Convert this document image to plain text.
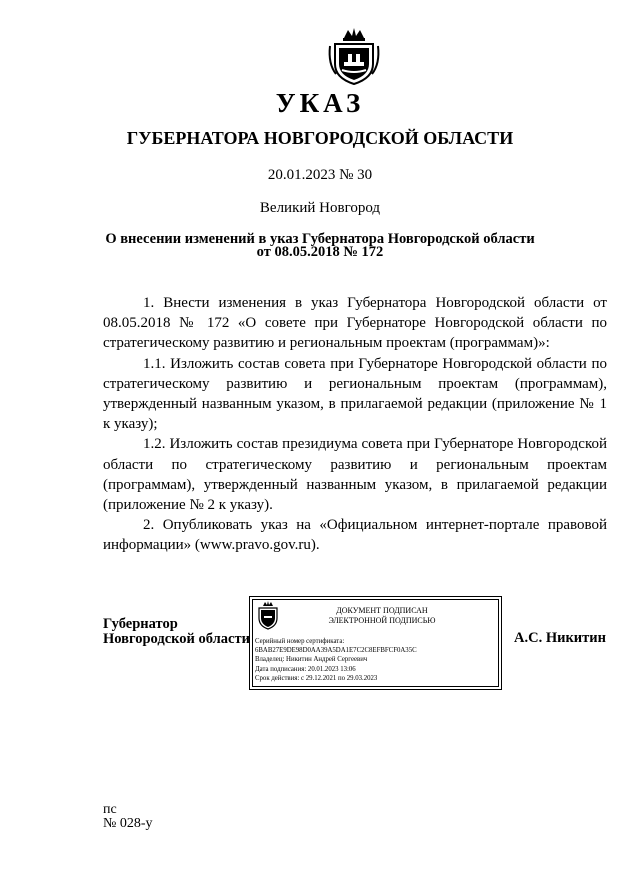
УКАЗ
ГУБЕРНАТОРА НОВГОРОДСКОЙ ОБЛАСТИ
20.01.2023 № 30
Великий Новгород
О внесении изменений в указ Губернатора Новгородской области
от 08.05.2018 № 172

1. Внести изменения в указ Губернатора Новгородской области от 08.05.2018 № 172 «О совете при Губернаторе Новгородской области по стратегическому развитию и региональным проектам (программам)»:

1.1. Изложить состав совета при Губернаторе Новгородской области по стратегическому развитию и региональным проектам (программам), утвержденный названным указом, в прилагаемой редакции (приложение № 1 к указу);

1.2. Изложить состав президиума совета при Губернаторе Новгородской области по стратегическому развитию и региональным проектам (программам), утвержденный названным указом, в прилагаемой редакции (приложение № 2 к указу).

2. Опубликовать указ на «Официальном интернет-портале правовой информации» (www.pravo.gov.ru).

Губернатор
Новгородской области
ДОКУМЕНТ ПОДПИСАН
ЭЛЕКТРОННОЙ ПОДПИСЬЮ
Серийный номер сертификата:
6BAB27E9DE98D0AA39A5DA1E7C2C8EFBFCF0A35C
Владелец: Никитин Андрей Сергеевич
Дата подписания: 20.01.2023 13:06
Срок действия: с 29.12.2021 по 29.03.2023
А.С. Никитин
пс
№ 028-у
